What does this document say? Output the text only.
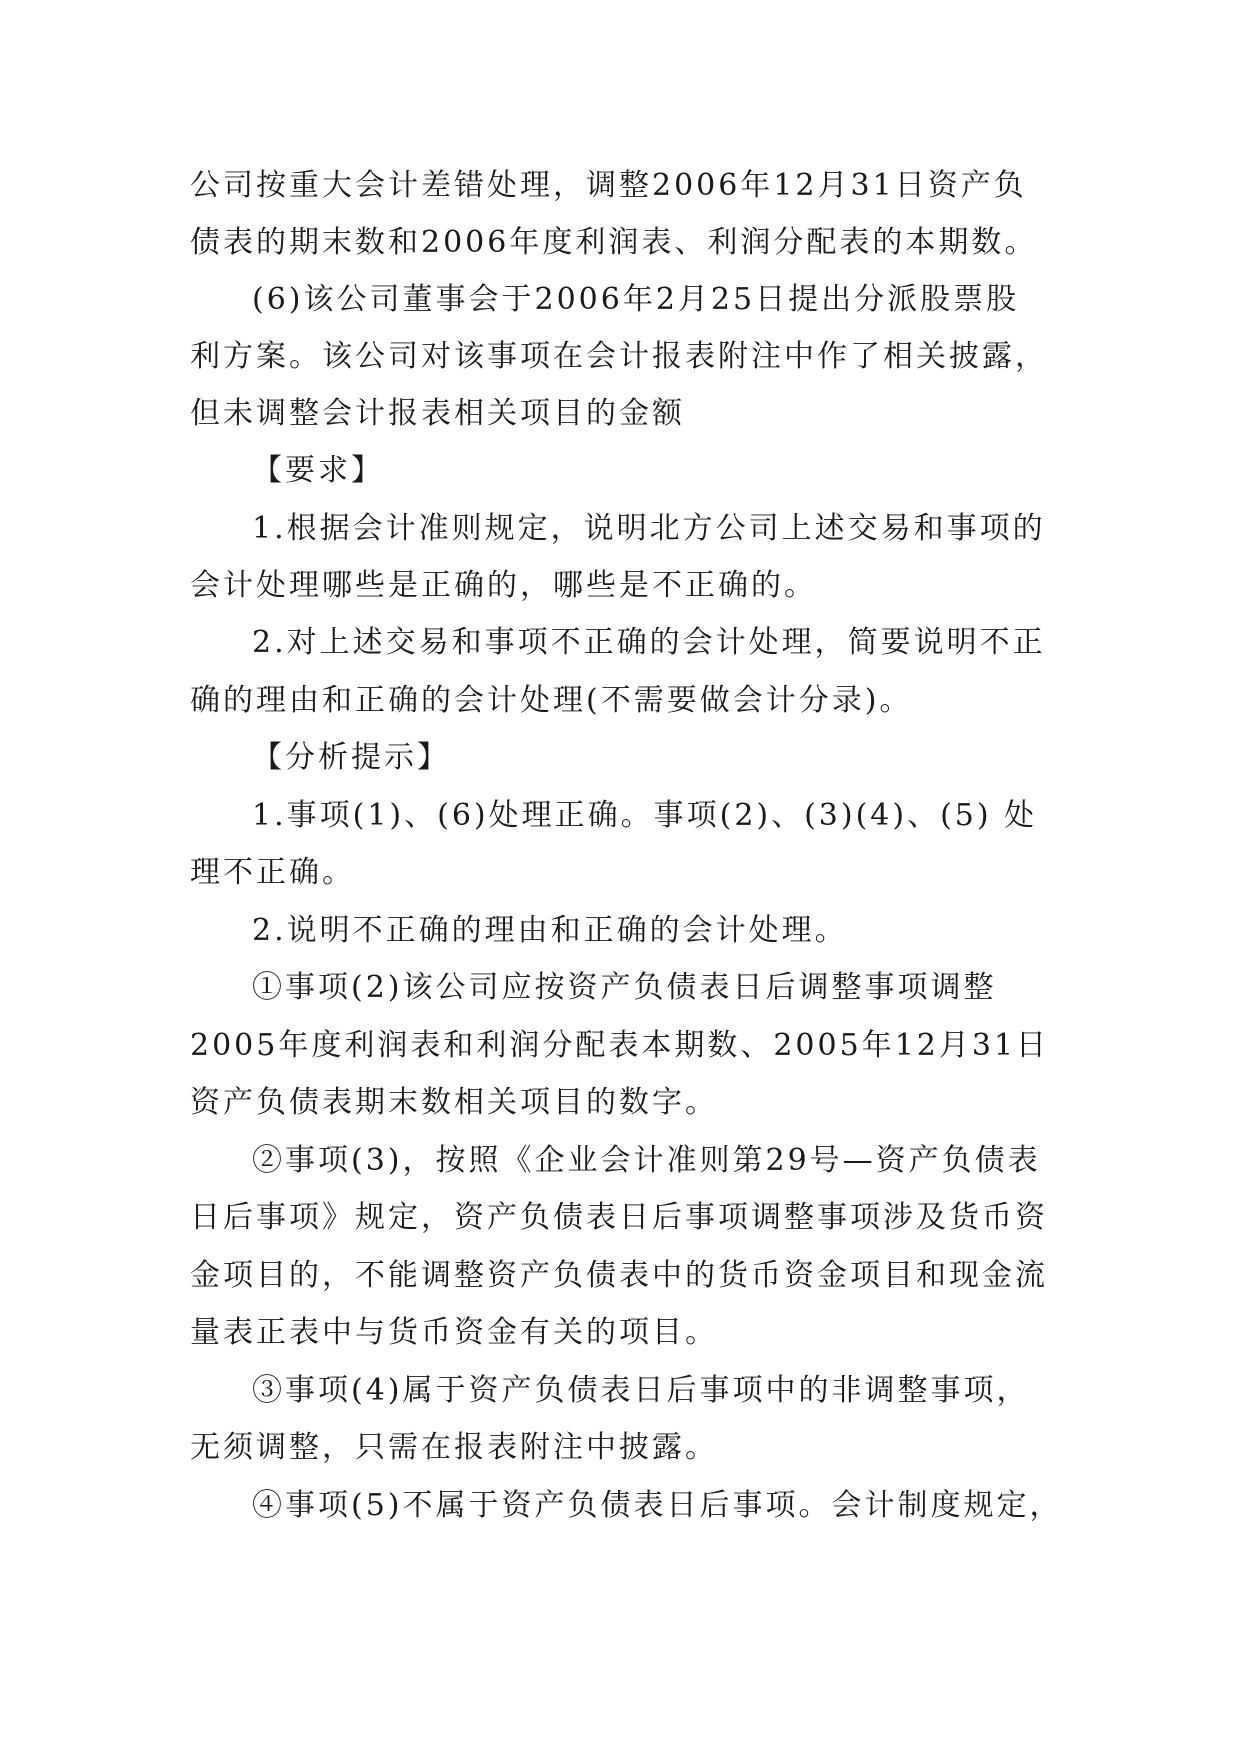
公司按重大会计差错处理，调整2006年12月31日资产负
债表的期末数和2006年度利润表、利润分配表的本期数。
(6)该公司董事会于2006年2月25日提出分派股票股
利方案。该公司对该事项在会计报表附注中作了相关披露，
但未调整会计报表相关项目的金额
【要求】
1.根据会计准则规定，说明北方公司上述交易和事项的
会计处理哪些是正确的，哪些是不正确的。
2.对上述交易和事项不正确的会计处理，简要说明不正
确的理由和正确的会计处理(不需要做会计分录)。
【分析提示】
1.事项(1)、(6)处理正确。事项(2)、(3)(4)、(5) 处
理不正确。
2.说明不正确的理由和正确的会计处理。
①事项(2)该公司应按资产负债表日后调整事项调整
2005年度利润表和利润分配表本期数、2005年12月31日
资产负债表期末数相关项目的数字。
②事项(3)，按照《企业会计准则第29号—资产负债表
日后事项》规定，资产负债表日后事项调整事项涉及货币资
金项目的，不能调整资产负债表中的货币资金项目和现金流
量表正表中与货币资金有关的项目。
③事项(4)属于资产负债表日后事项中的非调整事项，
无须调整，只需在报表附注中披露。
④事项(5)不属于资产负债表日后事项。会计制度规定，
